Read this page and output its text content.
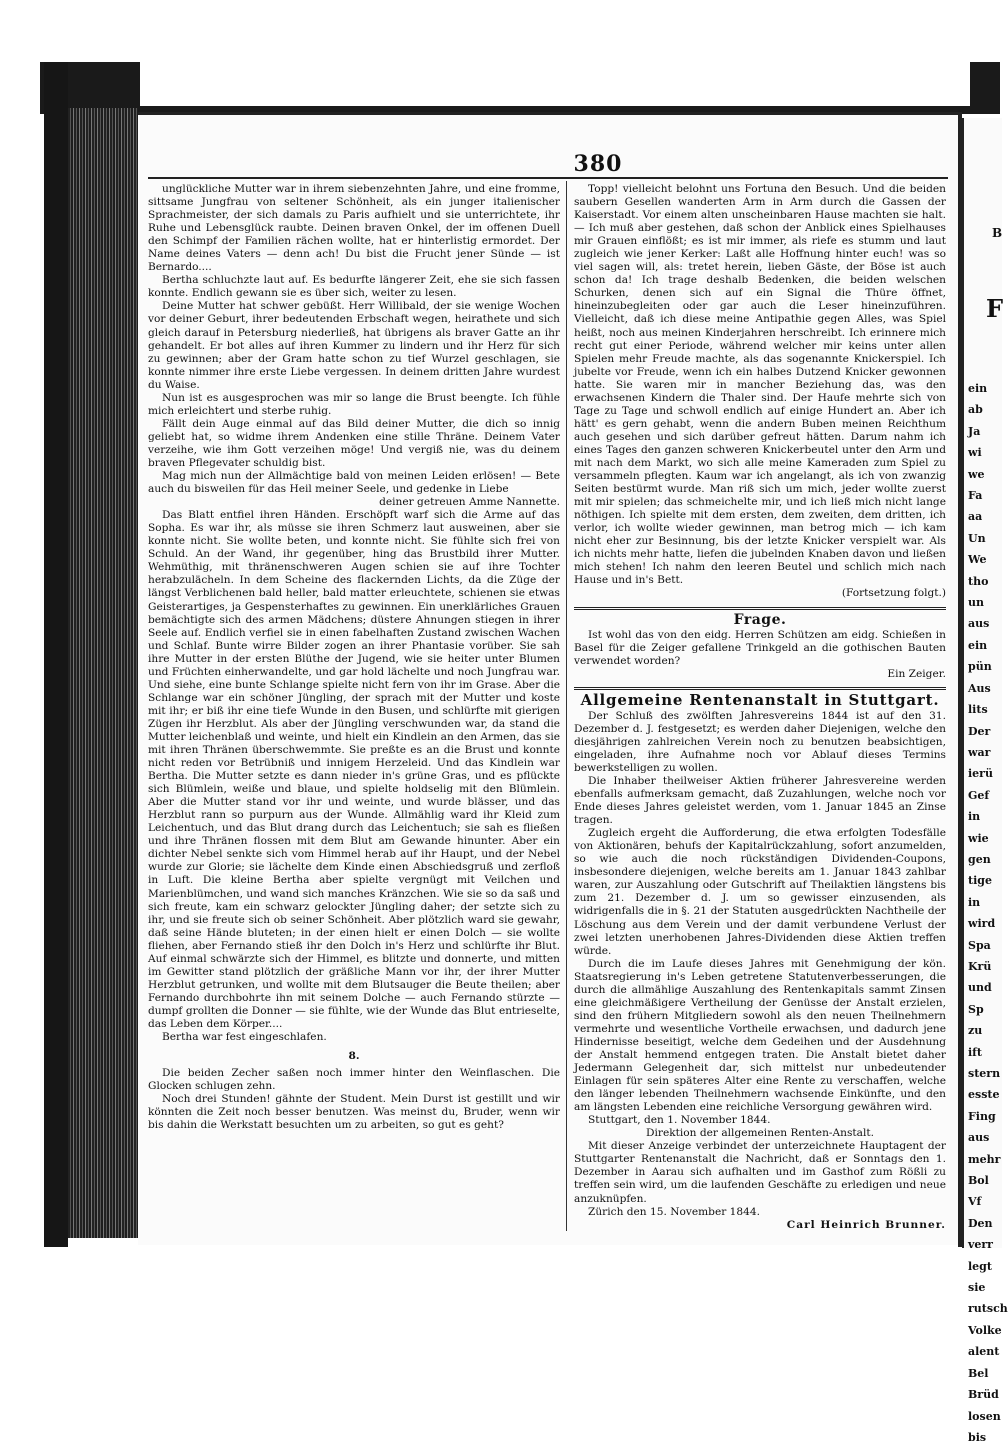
B
F
ein
ab
Ja
wi
we
Fa
aa
Un
We
tho
un
aus
ein
pün
Aus
lits
Der
war
ierü
Gef
in
wie
gen
tige
in
wird
Spa
Krü
und
Sp
zu
ift
stern
esste
Fing
aus
mehr
Bol
Vf
Den
verr
legt
sie
rutsch
Volke
alent
Bel
Brüd
losen
bis
380

unglückliche Mutter war in ihrem siebenzehnten Jahre, und eine fromme, sittsame Jungfrau von seltener Schönheit, als ein junger italienischer Sprachmeister, der sich damals zu Paris aufhielt und sie unterrichtete, ihr Ruhe und Lebensglück raubte. Deinen braven Onkel, der im offenen Duell den Schimpf der Familien rächen wollte, hat er hinterlistig ermordet. Der Name deines Vaters — denn ach! Du bist die Frucht jener Sünde — ist Bernardo....

Bertha schluchzte laut auf. Es bedurfte längerer Zeit, ehe sie sich fassen konnte. Endlich gewann sie es über sich, weiter zu lesen.

Deine Mutter hat schwer gebüßt. Herr Willibald, der sie wenige Wochen vor deiner Geburt, ihrer bedeutenden Erbschaft wegen, heirathete und sich gleich darauf in Petersburg niederließ, hat übrigens als braver Gatte an ihr gehandelt. Er bot alles auf ihren Kummer zu lindern und ihr Herz für sich zu gewinnen; aber der Gram hatte schon zu tief Wurzel geschlagen, sie konnte nimmer ihre erste Liebe vergessen. In deinem dritten Jahre wurdest du Waise.

Nun ist es ausgesprochen was mir so lange die Brust beengte. Ich fühle mich erleichtert und sterbe ruhig.

Fällt dein Auge einmal auf das Bild deiner Mutter, die dich so innig geliebt hat, so widme ihrem Andenken eine stille Thräne. Deinem Vater verzeihe, wie ihm Gott verzeihen möge! Und vergiß nie, was du deinem braven Pflegevater schuldig bist.

Mag mich nun der Allmächtige bald von meinen Leiden erlösen! — Bete auch du bisweilen für das Heil meiner Seele, und gedenke in Liebe

deiner getreuen Amme Nannette.

Das Blatt entfiel ihren Händen. Erschöpft warf sich die Arme auf das Sopha. Es war ihr, als müsse sie ihren Schmerz laut ausweinen, aber sie konnte nicht. Sie wollte beten, und konnte nicht. Sie fühlte sich frei von Schuld. An der Wand, ihr gegenüber, hing das Brustbild ihrer Mutter. Wehmüthig, mit thränenschweren Augen schien sie auf ihre Tochter herabzulächeln. In dem Scheine des flackernden Lichts, da die Züge der längst Verblichenen bald heller, bald matter erleuchtete, schienen sie etwas Geisterartiges, ja Gespensterhaftes zu gewinnen. Ein unerklärliches Grauen bemächtigte sich des armen Mädchens; düstere Ahnungen stiegen in ihrer Seele auf. Endlich verfiel sie in einen fabelhaften Zustand zwischen Wachen und Schlaf. Bunte wirre Bilder zogen an ihrer Phantasie vorüber. Sie sah ihre Mutter in der ersten Blüthe der Jugend, wie sie heiter unter Blumen und Früchten einherwandelte, und gar hold lächelte und noch Jungfrau war. Und siehe, eine bunte Schlange spielte nicht fern von ihr im Grase. Aber die Schlange war ein schöner Jüngling, der sprach mit der Mutter und koste mit ihr; er biß ihr eine tiefe Wunde in den Busen, und schlürfte mit gierigen Zügen ihr Herzblut. Als aber der Jüngling verschwunden war, da stand die Mutter leichenblaß und weinte, und hielt ein Kindlein an den Armen, das sie mit ihren Thränen überschwemmte. Sie preßte es an die Brust und konnte nicht reden vor Betrübniß und innigem Herzeleid. Und das Kindlein war Bertha. Die Mutter setzte es dann nieder in's grüne Gras, und es pflückte sich Blümlein, weiße und blaue, und spielte holdselig mit den Blümlein. Aber die Mutter stand vor ihr und weinte, und wurde blässer, und das Herzblut rann so purpurn aus der Wunde. Allmählig ward ihr Kleid zum Leichentuch, und das Blut drang durch das Leichentuch; sie sah es fließen und ihre Thränen flossen mit dem Blut am Gewande hinunter. Aber ein dichter Nebel senkte sich vom Himmel herab auf ihr Haupt, und der Nebel wurde zur Glorie; sie lächelte dem Kinde einen Abschiedsgruß und zerfloß in Luft. Die kleine Bertha aber spielte vergnügt mit Veilchen und Marienblümchen, und wand sich manches Kränzchen. Wie sie so da saß und sich freute, kam ein schwarz gelockter Jüngling daher; der setzte sich zu ihr, und sie freute sich ob seiner Schönheit. Aber plötzlich ward sie gewahr, daß seine Hände bluteten; in der einen hielt er einen Dolch — sie wollte fliehen, aber Fernando stieß ihr den Dolch in's Herz und schlürfte ihr Blut. Auf einmal schwärzte sich der Himmel, es blitzte und donnerte, und mitten im Gewitter stand plötzlich der gräßliche Mann vor ihr, der ihrer Mutter Herzblut getrunken, und wollte mit dem Blutsauger die Beute theilen; aber Fernando durchbohrte ihn mit seinem Dolche — auch Fernando stürzte — dumpf grollten die Donner — sie fühlte, wie der Wunde das Blut entrieselte, das Leben dem Körper....

Bertha war fest eingeschlafen.

8.

Die beiden Zecher saßen noch immer hinter den Weinflaschen. Die Glocken schlugen zehn.

Noch drei Stunden! gähnte der Student. Mein Durst ist gestillt und wir könnten die Zeit noch besser benutzen. Was meinst du, Bruder, wenn wir bis dahin die Werkstatt besuchten um zu arbeiten, so gut es geht?

Topp! vielleicht belohnt uns Fortuna den Besuch. Und die beiden saubern Gesellen wanderten Arm in Arm durch die Gassen der Kaiserstadt. Vor einem alten unscheinbaren Hause machten sie halt. — Ich muß aber gestehen, daß schon der Anblick eines Spielhauses mir Grauen einflößt; es ist mir immer, als riefe es stumm und laut zugleich wie jener Kerker: Laßt alle Hoffnung hinter euch! was so viel sagen will, als: tretet herein, lieben Gäste, der Böse ist auch schon da! Ich trage deshalb Bedenken, die beiden welschen Schurken, denen sich auf ein Signal die Thüre öffnet, hineinzubegleiten oder gar auch die Leser hineinzuführen. Vielleicht, daß ich diese meine Antipathie gegen Alles, was Spiel heißt, noch aus meinen Kinderjahren herschreibt. Ich erinnere mich recht gut einer Periode, während welcher mir keins unter allen Spielen mehr Freude machte, als das sogenannte Knickerspiel. Ich jubelte vor Freude, wenn ich ein halbes Dutzend Knicker gewonnen hatte. Sie waren mir in mancher Beziehung das, was den erwachsenen Kindern die Thaler sind. Der Haufe mehrte sich von Tage zu Tage und schwoll endlich auf einige Hundert an. Aber ich hätt' es gern gehabt, wenn die andern Buben meinen Reichthum auch gesehen und sich darüber gefreut hätten. Darum nahm ich eines Tages den ganzen schweren Knickerbeutel unter den Arm und mit nach dem Markt, wo sich alle meine Kameraden zum Spiel zu versammeln pflegten. Kaum war ich angelangt, als ich von zwanzig Seiten bestürmt wurde. Man riß sich um mich, jeder wollte zuerst mit mir spielen; das schmeichelte mir, und ich ließ mich nicht lange nöthigen. Ich spielte mit dem ersten, dem zweiten, dem dritten, ich verlor, ich wollte wieder gewinnen, man betrog mich — ich kam nicht eher zur Besinnung, bis der letzte Knicker verspielt war. Als ich nichts mehr hatte, liefen die jubelnden Knaben davon und ließen mich stehen! Ich nahm den leeren Beutel und schlich mich nach Hause und in's Bett.

(Fortsetzung folgt.)

Frage.

Ist wohl das von den eidg. Herren Schützen am eidg. Schießen in Basel für die Zeiger gefallene Trinkgeld an die gothischen Bauten verwendet worden?

Ein Zeiger.

Allgemeine Rentenanstalt in Stuttgart.

Der Schluß des zwölften Jahresvereins 1844 ist auf den 31. Dezember d. J. festgesetzt; es werden daher Diejenigen, welche den diesjährigen zahlreichen Verein noch zu benutzen beabsichtigen, eingeladen, ihre Aufnahme noch vor Ablauf dieses Termins bewerkstelligen zu wollen.

Die Inhaber theilweiser Aktien früherer Jahresvereine werden ebenfalls aufmerksam gemacht, daß Zuzahlungen, welche noch vor Ende dieses Jahres geleistet werden, vom 1. Januar 1845 an Zinse tragen.

Zugleich ergeht die Aufforderung, die etwa erfolgten Todesfälle von Aktionären, behufs der Kapitalrückzahlung, sofort anzumelden, so wie auch die noch rückständigen Dividenden-Coupons, insbesondere diejenigen, welche bereits am 1. Januar 1843 zahlbar waren, zur Auszahlung oder Gutschrift auf Theilaktien längstens bis zum 21. Dezember d. J. um so gewisser einzusenden, als widrigenfalls die in §. 21 der Statuten ausgedrückten Nachtheile der Löschung aus dem Verein und der damit verbundene Verlust der zwei letzten unerhobenen Jahres-Dividenden diese Aktien treffen würde.

Durch die im Laufe dieses Jahres mit Genehmigung der kön. Staatsregierung in's Leben getretene Statutenverbesserungen, die durch die allmählige Auszahlung des Rentenkapitals sammt Zinsen eine gleichmäßigere Vertheilung der Genüsse der Anstalt erzielen, sind den frühern Mitgliedern sowohl als den neuen Theilnehmern vermehrte und wesentliche Vortheile erwachsen, und dadurch jene Hindernisse beseitigt, welche dem Gedeihen und der Ausdehnung der Anstalt hemmend entgegen traten. Die Anstalt bietet daher Jedermann Gelegenheit dar, sich mittelst nur unbedeutender Einlagen für sein späteres Alter eine Rente zu verschaffen, welche den länger lebenden Theilnehmern wachsende Einkünfte, und den am längsten Lebenden eine reichliche Versorgung gewähren wird.

Stuttgart, den 1. November 1844.

Direktion der allgemeinen Renten-Anstalt.

Mit dieser Anzeige verbindet der unterzeichnete Hauptagent der Stuttgarter Rentenanstalt die Nachricht, daß er Sonntags den 1. Dezember in Aarau sich aufhalten und im Gasthof zum Rößli zu treffen sein wird, um die laufenden Geschäfte zu erledigen und neue anzuknüpfen.

Zürich den 15. November 1844.

Carl Heinrich Brunner.
